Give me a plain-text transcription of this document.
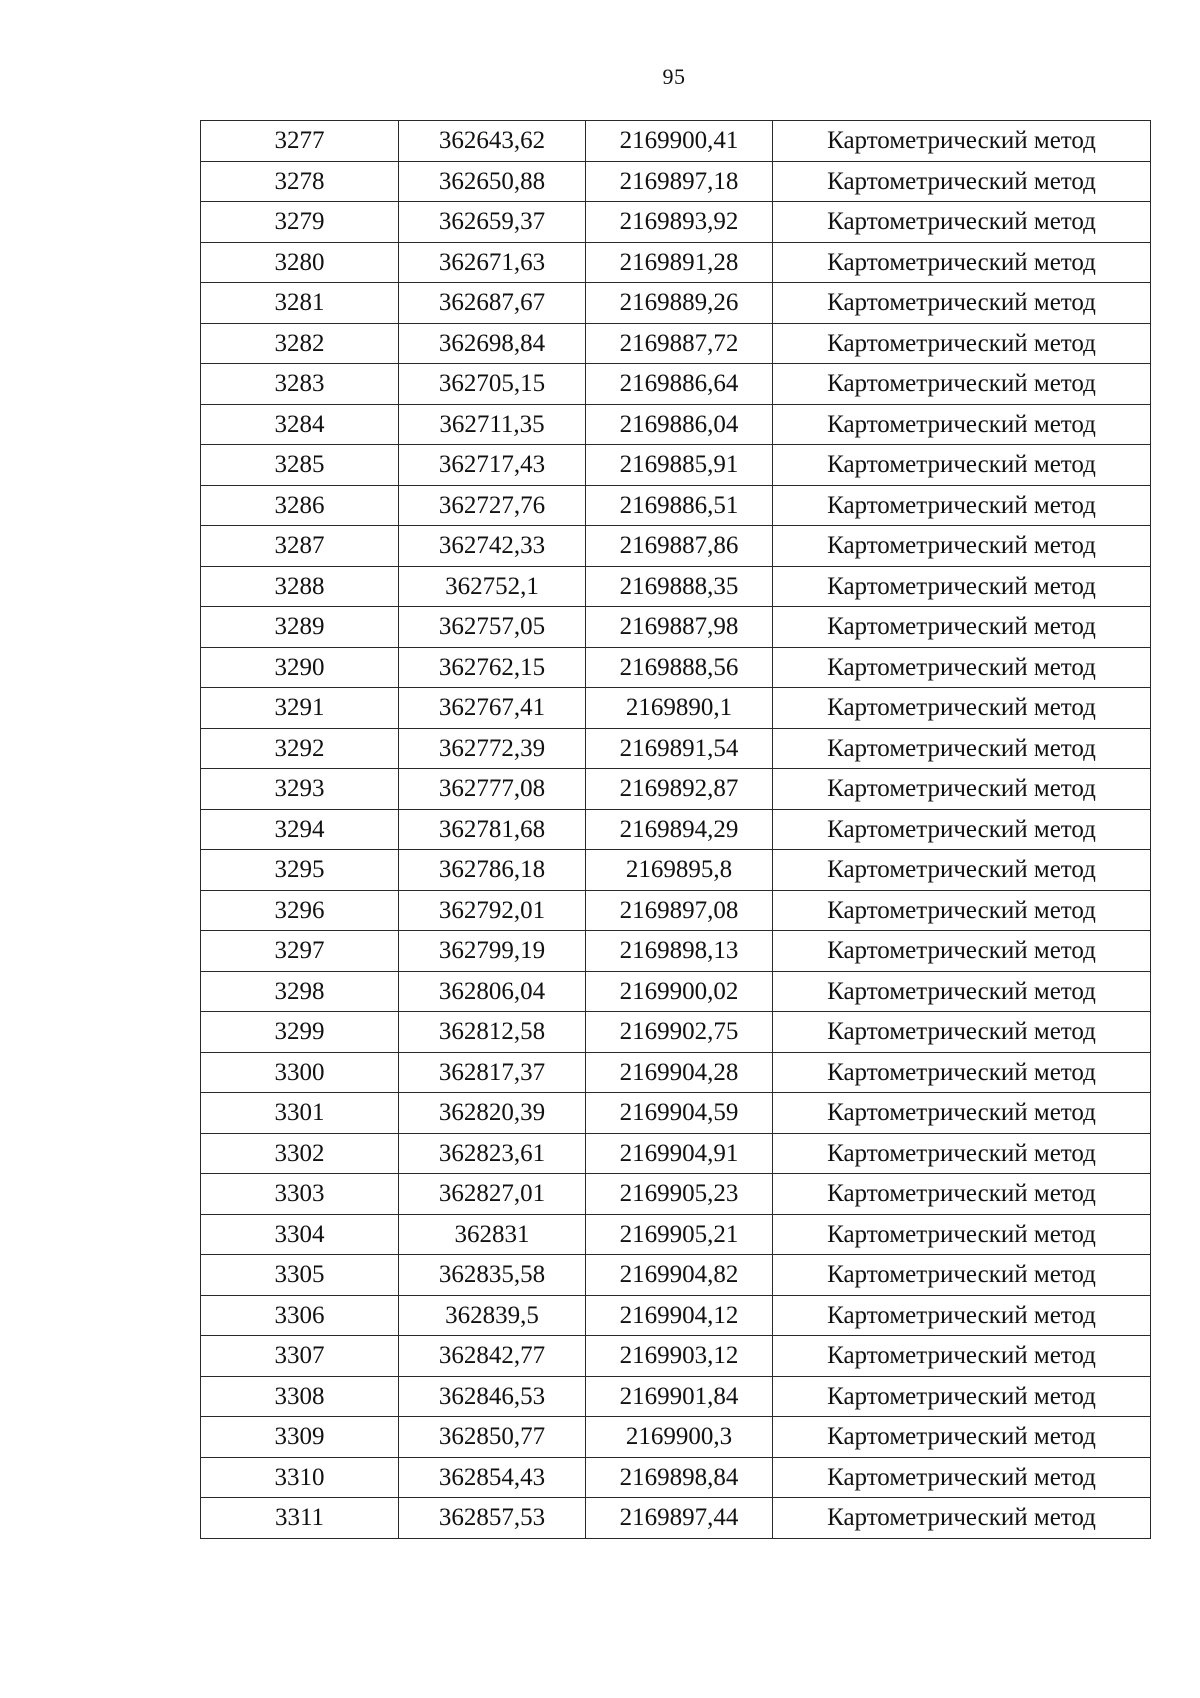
95
3277	362643,62	2169900,41	Картометрический метод
3278	362650,88	2169897,18	Картометрический метод
3279	362659,37	2169893,92	Картометрический метод
3280	362671,63	2169891,28	Картометрический метод
3281	362687,67	2169889,26	Картометрический метод
3282	362698,84	2169887,72	Картометрический метод
3283	362705,15	2169886,64	Картометрический метод
3284	362711,35	2169886,04	Картометрический метод
3285	362717,43	2169885,91	Картометрический метод
3286	362727,76	2169886,51	Картометрический метод
3287	362742,33	2169887,86	Картометрический метод
3288	362752,1	2169888,35	Картометрический метод
3289	362757,05	2169887,98	Картометрический метод
3290	362762,15	2169888,56	Картометрический метод
3291	362767,41	2169890,1	Картометрический метод
3292	362772,39	2169891,54	Картометрический метод
3293	362777,08	2169892,87	Картометрический метод
3294	362781,68	2169894,29	Картометрический метод
3295	362786,18	2169895,8	Картометрический метод
3296	362792,01	2169897,08	Картометрический метод
3297	362799,19	2169898,13	Картометрический метод
3298	362806,04	2169900,02	Картометрический метод
3299	362812,58	2169902,75	Картометрический метод
3300	362817,37	2169904,28	Картометрический метод
3301	362820,39	2169904,59	Картометрический метод
3302	362823,61	2169904,91	Картометрический метод
3303	362827,01	2169905,23	Картометрический метод
3304	362831	2169905,21	Картометрический метод
3305	362835,58	2169904,82	Картометрический метод
3306	362839,5	2169904,12	Картометрический метод
3307	362842,77	2169903,12	Картометрический метод
3308	362846,53	2169901,84	Картометрический метод
3309	362850,77	2169900,3	Картометрический метод
3310	362854,43	2169898,84	Картометрический метод
3311	362857,53	2169897,44	Картометрический метод
